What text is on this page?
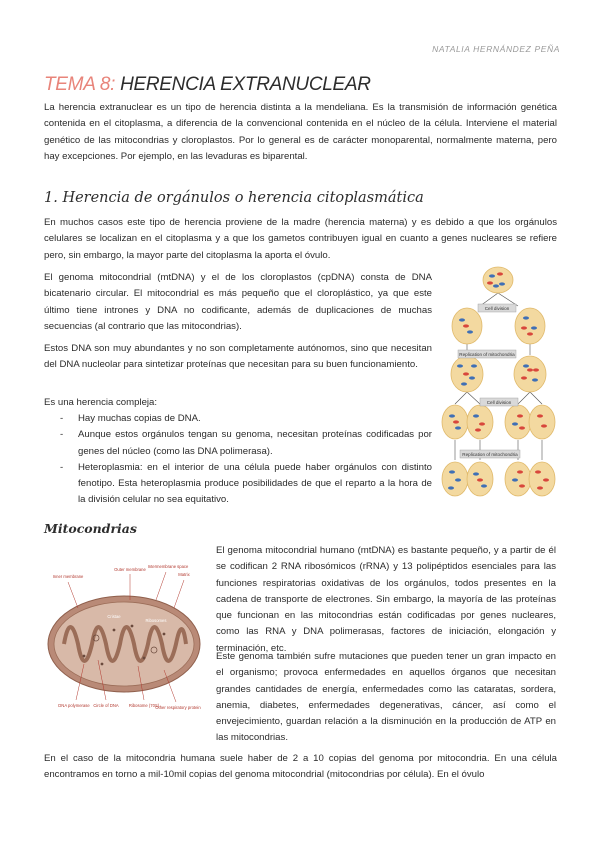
NATALIA HERNÁNDEZ PEÑA
TEMA 8: HERENCIA EXTRANUCLEAR

La herencia extranuclear es un tipo de herencia distinta a la mendeliana. Es la transmisión de información genética contenida en el citoplasma, a diferencia de la convencional contenida en el núcleo de la célula. Interviene el material genético de las mitocondrias y cloroplastos. Por lo general es de carácter monoparental, normalmente materna, pero hay excepciones. Por ejemplo, en las levaduras es biparental.

1. Herencia de orgánulos o herencia citoplasmática

En muchos casos este tipo de herencia proviene de la madre (herencia materna) y es debido a que los orgánulos celulares se localizan en el citoplasma y a que los gametos contribuyen igual en cuanto a genes nucleares se refiere pero, sin embargo, la mayor parte del citoplasma la aporta el óvulo.

El genoma mitocondrial (mtDNA) y el de los cloroplastos (cpDNA) consta de DNA bicatenario circular. El mitocondrial es más pequeño que el cloroplástico, ya que este último tiene intrones y DNA no codificante, además de duplicaciones de muchas secuencias (al contrario que las mitocondrias).

Estos DNA son muy abundantes y no son completamente autónomos, sino que necesitan del DNA nucleolar para sintetizar proteínas que necesitan para su buen funcionamiento.

Es una herencia compleja:

- Hay muchas copias de DNA.
- Aunque estos orgánulos tengan su genoma, necesitan proteínas codificadas por genes del núcleo (como las DNA polimerasa).
- Heteroplasmia: en el interior de una célula puede haber orgánulos con distinto fenotipo. Esta heteroplasmia produce posibilidades de que el reparto a la hora de la división celular no sea equitativo.
Cell division
Replication of mitochondria
Cell division
Replication of mitochondria
Mitocondrias
Inner membrane
Outer membrane
Intermembrane space
Matrix
Cristae
Ribosomes
DNA polymerase Circle of DNA Ribosome (70S)
Other respiratory protein

El genoma mitocondrial humano (mtDNA) es bastante pequeño, y a partir de él se codifican 2 RNA ribosómicos (rRNA) y 13 polipéptidos esenciales para las funciones respiratorias oxidativas de los orgánulos, todos presentes en la cadena de transporte de electrones. Sin embargo, la mayoría de las proteínas que funcionan en las mitocondrias están codificadas por genes nucleares, como las RNA y DNA polimerasas, factores de iniciación, elongación y terminación, etc.

Este genoma también sufre mutaciones que pueden tener un gran impacto en el organismo; provoca enfermedades en aquellos órganos que necesitan grandes cantidades de energía, enfermedades como las cataratas, sordera, anemia, diabetes, enfermedades degenerativas, cáncer, así como el envejecimiento, guardan relación a la disminución en la producción de ATP en las mitocondrias.

En el caso de la mitocondria humana suele haber de 2 a 10 copias del genoma por mitocondria. En una célula encontramos en torno a mil-10mil copias del genoma mitocondrial (mitocondrias por célula). En el óvulo
